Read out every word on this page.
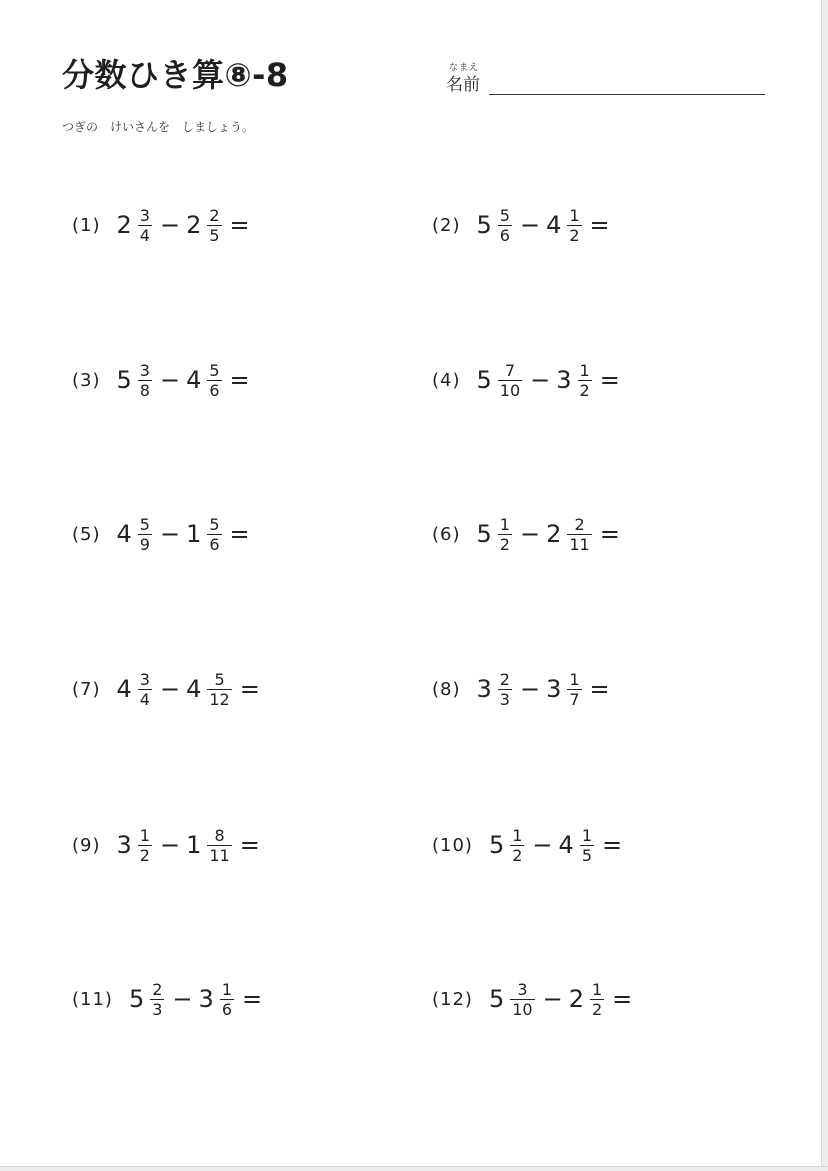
分数ひき算⑧-8	なまえ
名前
つぎの　けいさんを　しましょう。
(1) $2 \frac{3}{4} - 2 \frac{2}{5}$ =	(2) $5 \frac{5}{6} - 4 \frac{1}{2}$ =
(3) $5 \frac{3}{8} - 4 \frac{5}{6}$ =	(4) $5 \frac{7}{10} - 3 \frac{1}{2}$ =
(5) $4 \frac{5}{9} - 1 \frac{5}{6}$ =	(6) $5 \frac{1}{2} - 2 \frac{2}{11}$ =
(7) $4 \frac{3}{4} - 4 \frac{5}{12}$ =	(8) $3 \frac{2}{3} - 3 \frac{1}{7}$ =
(9) $3 \frac{1}{2} - 1 \frac{8}{11}$ =	(10) $5 \frac{1}{2} - 4 \frac{1}{5}$ =
(11) $5 \frac{2}{3} - 3 \frac{1}{6}$ =	(12) $5 \frac{3}{10} - 2 \frac{1}{2}$ =
